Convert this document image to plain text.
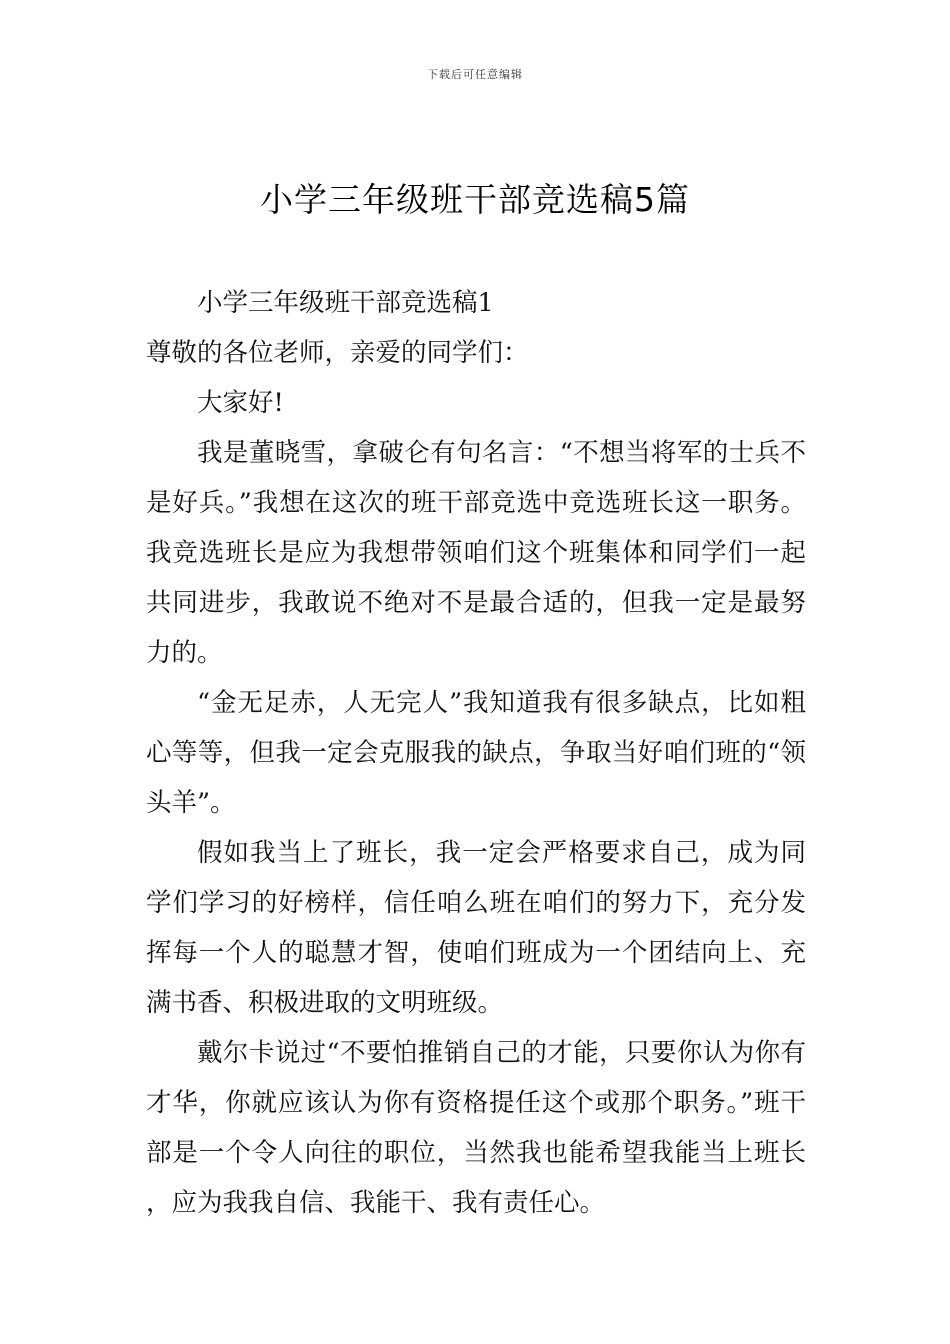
下载后可任意编辑
小学三年级班干部竞选稿5篇

小学三年级班干部竞选稿1

尊敬的各位老师，亲爱的同学们：

大家好!

我是董晓雪，拿破仑有句名言：“不想当将军的士兵不是好兵。”我想在这次的班干部竞选中竞选班长这一职务。我竞选班长是应为我想带领咱们这个班集体和同学们一起共同进步，我敢说不绝对不是最合适的，但我一定是最努力的。

“金无足赤，人无完人”我知道我有很多缺点，比如粗心等等，但我一定会克服我的缺点，争取当好咱们班的“领头羊”。

假如我当上了班长，我一定会严格要求自己，成为同学们学习的好榜样，信任咱么班在咱们的努力下，充分发挥每一个人的聪慧才智，使咱们班成为一个团结向上、充满书香、积极进取的文明班级。

戴尔卡说过“不要怕推销自己的才能，只要你认为你有才华，你就应该认为你有资格提任这个或那个职务。”班干部是一个令人向往的职位，当然我也能希望我能当上班长，应为我我自信、我能干、我有责任心。
